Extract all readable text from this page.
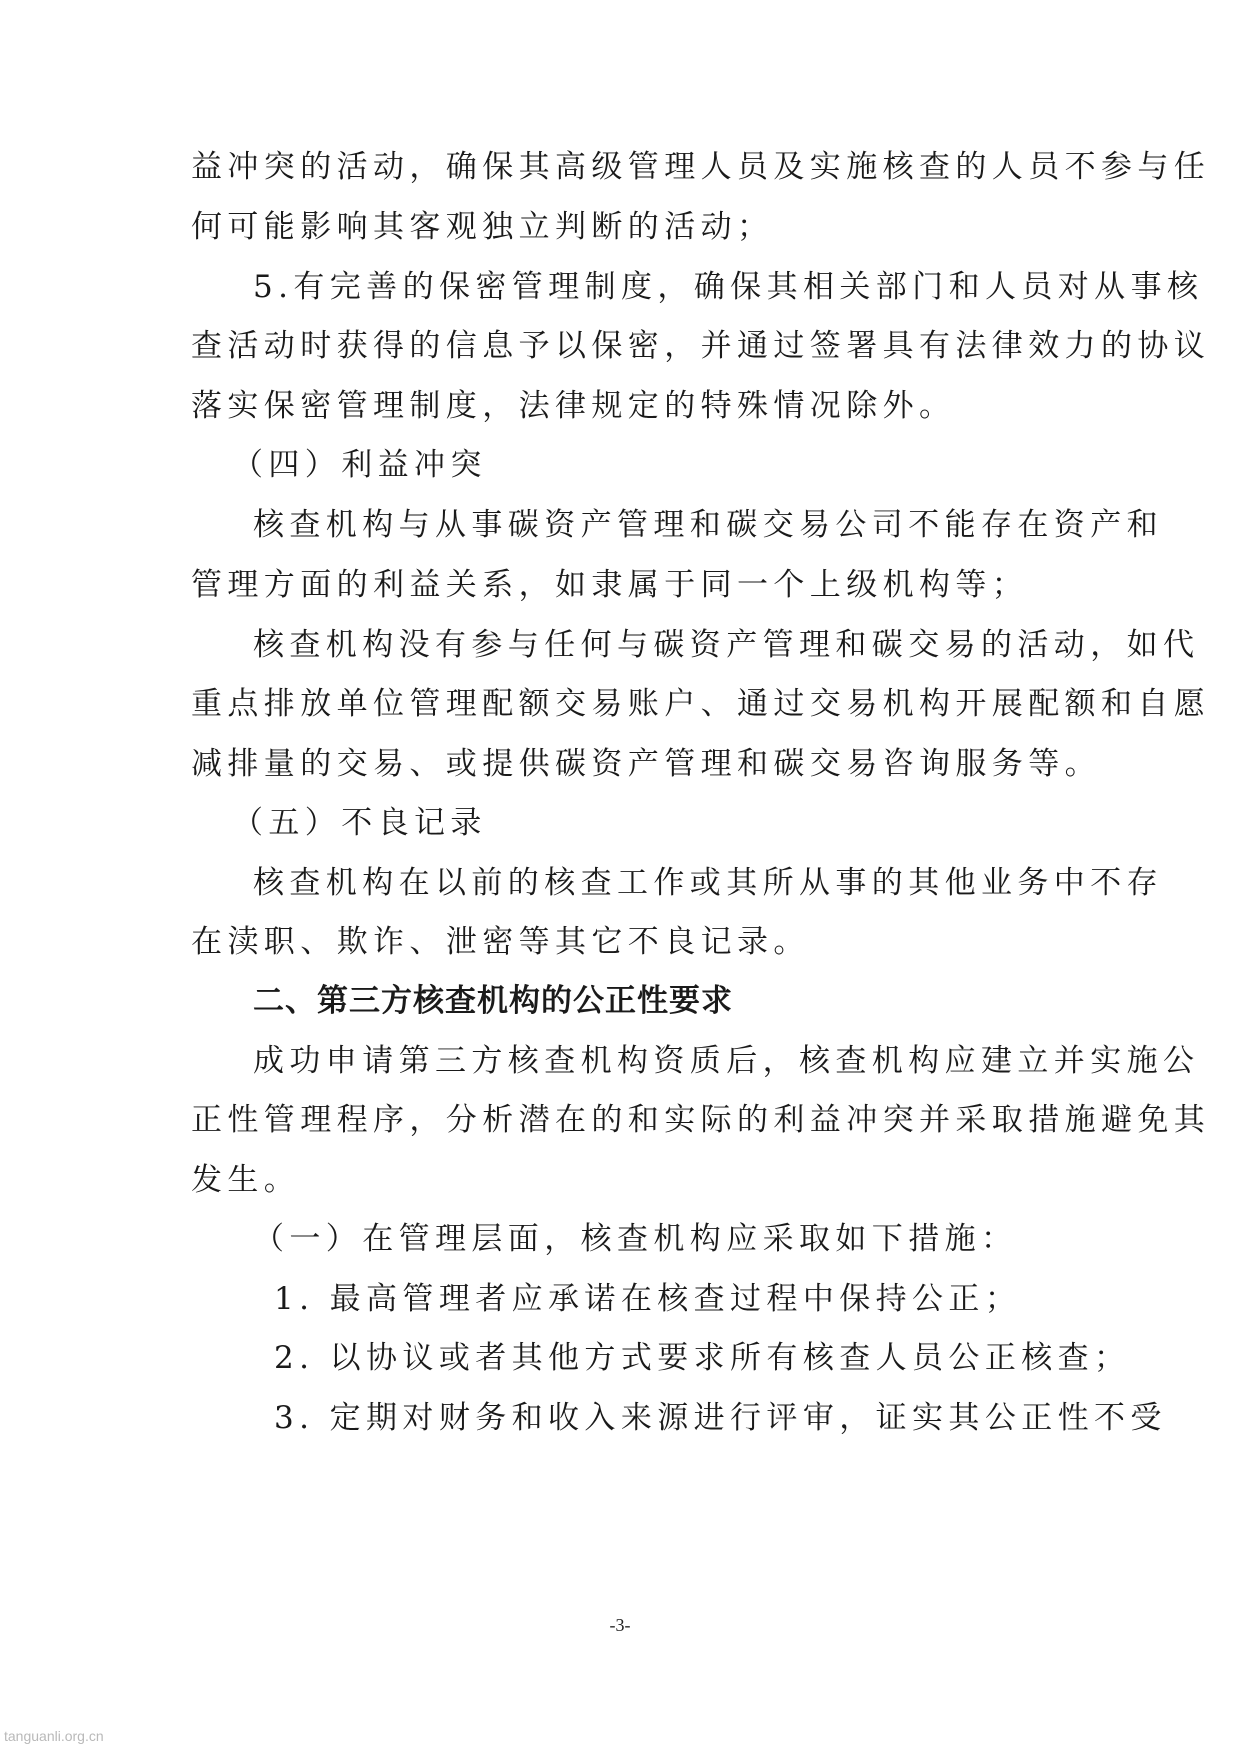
益冲突的活动，确保其高级管理人员及实施核查的人员不参与任
何可能影响其客观独立判断的活动；
5.有完善的保密管理制度，确保其相关部门和人员对从事核
查活动时获得的信息予以保密，并通过签署具有法律效力的协议
落实保密管理制度，法律规定的特殊情况除外。
（四）利益冲突
核查机构与从事碳资产管理和碳交易公司不能存在资产和
管理方面的利益关系，如隶属于同一个上级机构等；
核查机构没有参与任何与碳资产管理和碳交易的活动，如代
重点排放单位管理配额交易账户、通过交易机构开展配额和自愿
减排量的交易、或提供碳资产管理和碳交易咨询服务等。
（五）不良记录
核查机构在以前的核查工作或其所从事的其他业务中不存
在渎职、欺诈、泄密等其它不良记录。
二、第三方核查机构的公正性要求
成功申请第三方核查机构资质后，核查机构应建立并实施公
正性管理程序，分析潜在的和实际的利益冲突并采取措施避免其
发生。
（一）在管理层面，核查机构应采取如下措施：
1. 最高管理者应承诺在核查过程中保持公正；
2. 以协议或者其他方式要求所有核查人员公正核查；
3. 定期对财务和收入来源进行评审，证实其公正性不受
-3-
tanguanli.org.cn
